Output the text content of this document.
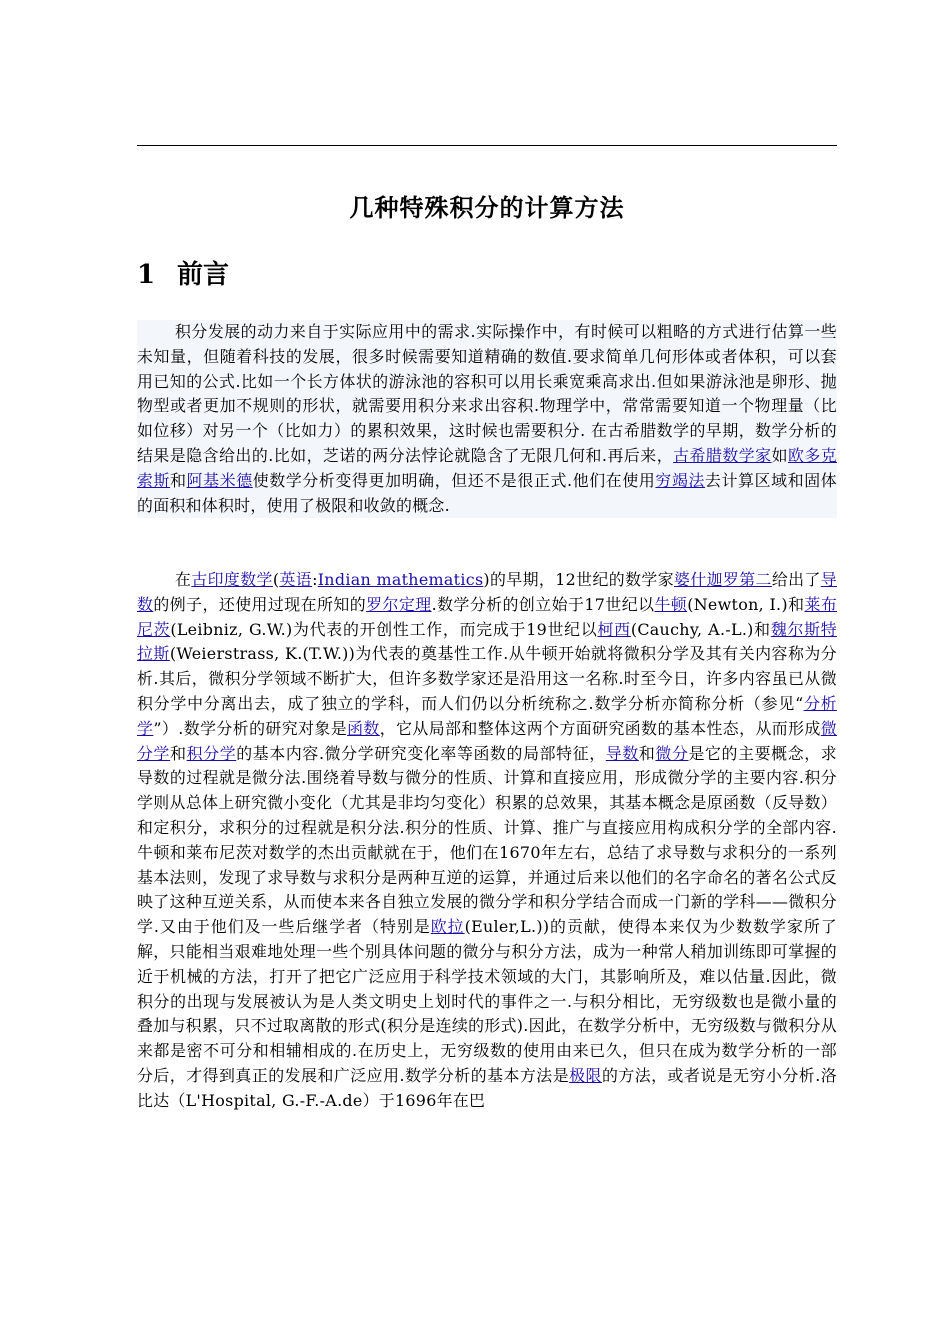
几种特殊积分的计算方法
1 前言

积分发展的动力来自于实际应用中的需求.实际操作中，有时候可以粗略的方式进行估算一些未知量，但随着科技的发展，很多时候需要知道精确的数值.要求简单几何形体或者体积，可以套用已知的公式.比如一个长方体状的游泳池的容积可以用长乘宽乘高求出.但如果游泳池是卵形、抛物型或者更加不规则的形状，就需要用积分来求出容积.物理学中，常常需要知道一个物理量（比如位移）对另一个（比如力）的累积效果，这时候也需要积分. 在古希腊数学的早期，数学分析的结果是隐含给出的.比如，芝诺的两分法悖论就隐含了无限几何和.再后来，古希腊数学家如欧多克索斯和阿基米德使数学分析变得更加明确，但还不是很正式.他们在使用穷竭法去计算区域和固体的面积和体积时，使用了极限和收敛的概念.

在古印度数学(英语:Indian mathematics)的早期，12世纪的数学家婆什迦罗第二给出了导数的例子，还使用过现在所知的罗尔定理.数学分析的创立始于17世纪以牛顿(Newton, I.)和莱布尼茨(Leibniz, G.W.)为代表的开创性工作，而完成于19世纪以柯西(Cauchy, A.-L.)和魏尔斯特拉斯(Weierstrass, K.(T.W.))为代表的奠基性工作.从牛顿开始就将微积分学及其有关内容称为分析.其后，微积分学领域不断扩大，但许多数学家还是沿用这一名称.时至今日，许多内容虽已从微积分学中分离出去，成了独立的学科，而人们仍以分析统称之.数学分析亦简称分析（参见“分析学”）.数学分析的研究对象是函数，它从局部和整体这两个方面研究函数的基本性态，从而形成微分学和积分学的基本内容.微分学研究变化率等函数的局部特征，导数和微分是它的主要概念，求导数的过程就是微分法.围绕着导数与微分的性质、计算和直接应用，形成微分学的主要内容.积分学则从总体上研究微小变化（尤其是非均匀变化）积累的总效果，其基本概念是原函数（反导数）和定积分，求积分的过程就是积分法.积分的性质、计算、推广与直接应用构成积分学的全部内容.牛顿和莱布尼茨对数学的杰出贡献就在于，他们在1670年左右，总结了求导数与求积分的一系列基本法则，发现了求导数与求积分是两种互逆的运算，并通过后来以他们的名字命名的著名公式反映了这种互逆关系，从而使本来各自独立发展的微分学和积分学结合而成一门新的学科——微积分学.又由于他们及一些后继学者（特别是欧拉(Euler,L.))的贡献，使得本来仅为少数数学家所了解，只能相当艰难地处理一些个别具体问题的微分与积分方法，成为一种常人稍加训练即可掌握的近于机械的方法，打开了把它广泛应用于科学技术领域的大门，其影响所及，难以估量.因此，微积分的出现与发展被认为是人类文明史上划时代的事件之一.与积分相比，无穷级数也是微小量的叠加与积累，只不过取离散的形式(积分是连续的形式).因此，在数学分析中，无穷级数与微积分从来都是密不可分和相辅相成的.在历史上，无穷级数的使用由来已久，但只在成为数学分析的一部分后，才得到真正的发展和广泛应用.数学分析的基本方法是极限的方法，或者说是无穷小分析.洛比达（L'Hospital, G.-F.-A.de）于1696年在巴
